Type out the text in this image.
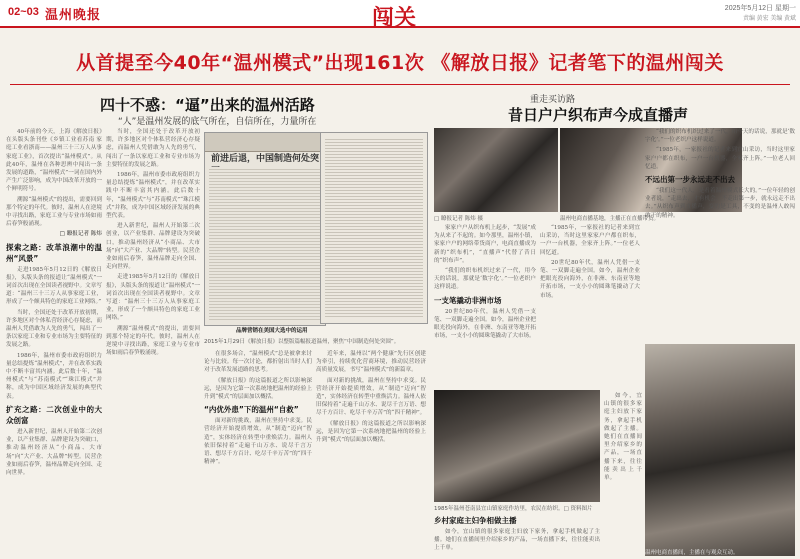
02~03 温州晚报	闯关	2025年5月12日 星期一
责编 黄宏 美编 黄斌
从首提至今40年“温州模式”出现161次 《解放日报》记者笔下的温州闯关
四十不惑：“逼”出来的温州活路
“人”是温州发展的底气所在，自信所在，力量所在
重走买访路
昔日户户织布声今成直播声

40年前的今天，上海《解放日报》在头版头条刊登《乡镇工业看苏南 家庭工业看浙南——温州三十三万人从事家庭工业》，首次提出“温州模式”。从此40年，温州在各种思辨中闯出一条发展的道路，“温州模式”一词在国内外产生广泛影响，成为中国改革开放的一个鲜明符号。

溯源“温州模式”的提出，需要回到那个特定的年代。彼时，温州人在逆境中寻找出路，家庭工业与专业市场如雨后春笋般涌现。

□ 瞭报记者 陈炜

探索之路：改革浪潮中的温州“风景”

走进1985年5月12日的《解放日报》，头版头条的报道让“温州模式”一词首次出现在全国读者视野中。文章写道：“温州三十三万人从事家庭工业，形成了一个颇具特色的家庭工业网络。”

当时，全国还处于改革开放初期，许多地区对个体私营经济心存疑虑，而温州人凭借敢为人先的勇气，闯出了一条以家庭工业和专业市场为主要特征的发展之路。

1986年，温州市委市政府组织力量总结提炼“温州模式”，并在改革实践中不断丰富其内涵。此后数十年，“温州模式”与“苏南模式”“珠江模式”并称，成为中国区域经济发展的典型代表。

扩充之路：二次创业中的大众创富

进入新世纪，温州人开始第二次创业，以产业集群、品牌建设为突破口，推动温州经济从“小商品、大市场”向“大产业、大品牌”转型。民营企业如雨后春笋，温州品牌走向全国、走向世界。

当时，全国还处于改革开放初期，许多地区对个体私营经济心存疑虑，而温州人凭借敢为人先的勇气，闯出了一条以家庭工业和专业市场为主要特征的发展之路。

1986年，温州市委市政府组织力量总结提炼“温州模式”，并在改革实践中不断丰富其内涵。此后数十年，“温州模式”与“苏南模式”“珠江模式”并称，成为中国区域经济发展的典型代表。

进入新世纪，温州人开始第二次创业，以产业集群、品牌建设为突破口，推动温州经济从“小商品、大市场”向“大产业、大品牌”转型。民营企业如雨后春笋，温州品牌走向全国、走向世界。

走进1985年5月12日的《解放日报》，头版头条的报道让“温州模式”一词首次出现在全国读者视野中。文章写道：“温州三十三万人从事家庭工业，形成了一个颇具特色的家庭工业网络。”

溯源“温州模式”的提出，需要回到那个特定的年代。彼时，温州人在逆境中寻找出路，家庭工业与专业市场如雨后春笋般涌现。

前进后退，中国制造何处突
品牌营销在美国大选中的运用
2015年1月29日《解放日报》以整版篇幅报道温州，聚焦“中国制造何处突围”。

在很多场合，“温州模式”总是被拿来讨论与比较。每一次讨论，都折射出当时人们对于改革发展道路的思考。

《解放日报》的这篇报道之所以影响深远，是因为它第一次系统地把温州的经验上升到“模式”的层面加以概括。

“内优外患”下的温州“自救”

面对新的挑战，温州在坚持中求变。民营经济开始提质增效，从“制造”迈向“智造”，实体经济在转型中重焕活力。温州人依旧保持着“走遍千山万水、说尽千言万语、想尽千方百计、吃尽千辛万苦”的“四千精神”。

近年来，温州以“两个健康”先行区创建为牵引，持续优化营商环境，推动民营经济高质量发展，书写“温州模式”的新篇章。

面对新的挑战，温州在坚持中求变。民营经济开始提质增效，从“制造”迈向“智造”，实体经济在转型中重焕活力。温州人依旧保持着“走遍千山万水、说尽千言万语、想尽千方百计、吃尽千辛万苦”的“四千精神”。

《解放日报》的这篇报道之所以影响深远，是因为它第一次系统地把温州的经验上升到“模式”的层面加以概括。

温州电商直播基地，主播正在直播带货。
□ 瞭报记者 陈炜 摄

家家户户从织布机上起步，“发展”成为从来了不起的。如今那里，温州小镇，家家户户的网络带货商户，电商直播成为新的“织布机”，“直播声”代替了昔日的“织布声”。

“我们的织布机织过来了一代，用今天的话说，那就是‘数字化’。”一位老织户这样说道。

一支笔撬动非洲市场

20世纪80年代，温州人凭借一支笔、一双脚走遍全国。如今，温州企业把眼光投向海外，在非洲、东南亚等地开拓市场，一支小小的圆珠笔撬动了大市场。

“1985年，一家报社的记者来到宜山采访，当时这里家家户户都在织布，一户一台机器，全家齐上阵。”一位老人回忆道。

20世纪80年代，温州人凭借一支笔、一双脚走遍全国。如今，温州企业把眼光投向海外，在非洲、东南亚等地开拓市场，一支小小的圆珠笔撬动了大市场。

1985年温州苍南县宜山镇家庭作坊里，农民在纺织。□ 资料图片

如今，宜山镇的很多家庭主妇放下家务，拿起手机做起了主播。她们在直播间里介绍家乡的产品，一场直播下来，往往能卖出上千单。

乡村家庭主妇争相做主播

如今，宜山镇的很多家庭主妇放下家务，拿起手机做起了主播。她们在直播间里介绍家乡的产品，一场直播下来，往往能卖出上千单。

“我们的织布机织过来了一代，用今天的话说，那就是‘数字化’。”一位老织户这样说道。

“1985年，一家报社的记者来到宜山采访，当时这里家家户户都在织布，一户一台机器，全家齐上阵。”一位老人回忆道。

不远出第一步永远走不出去

“我们这一代人，是看着温州模式长大的。”一位年轻的创业者说，“走出去，才有机会。不走出第一步，就永远走不出去。”从织布声到直播声，变的是工具，不变的是温州人敢闯敢干的精神。

温州电商直播间，主播在与观众互动。
